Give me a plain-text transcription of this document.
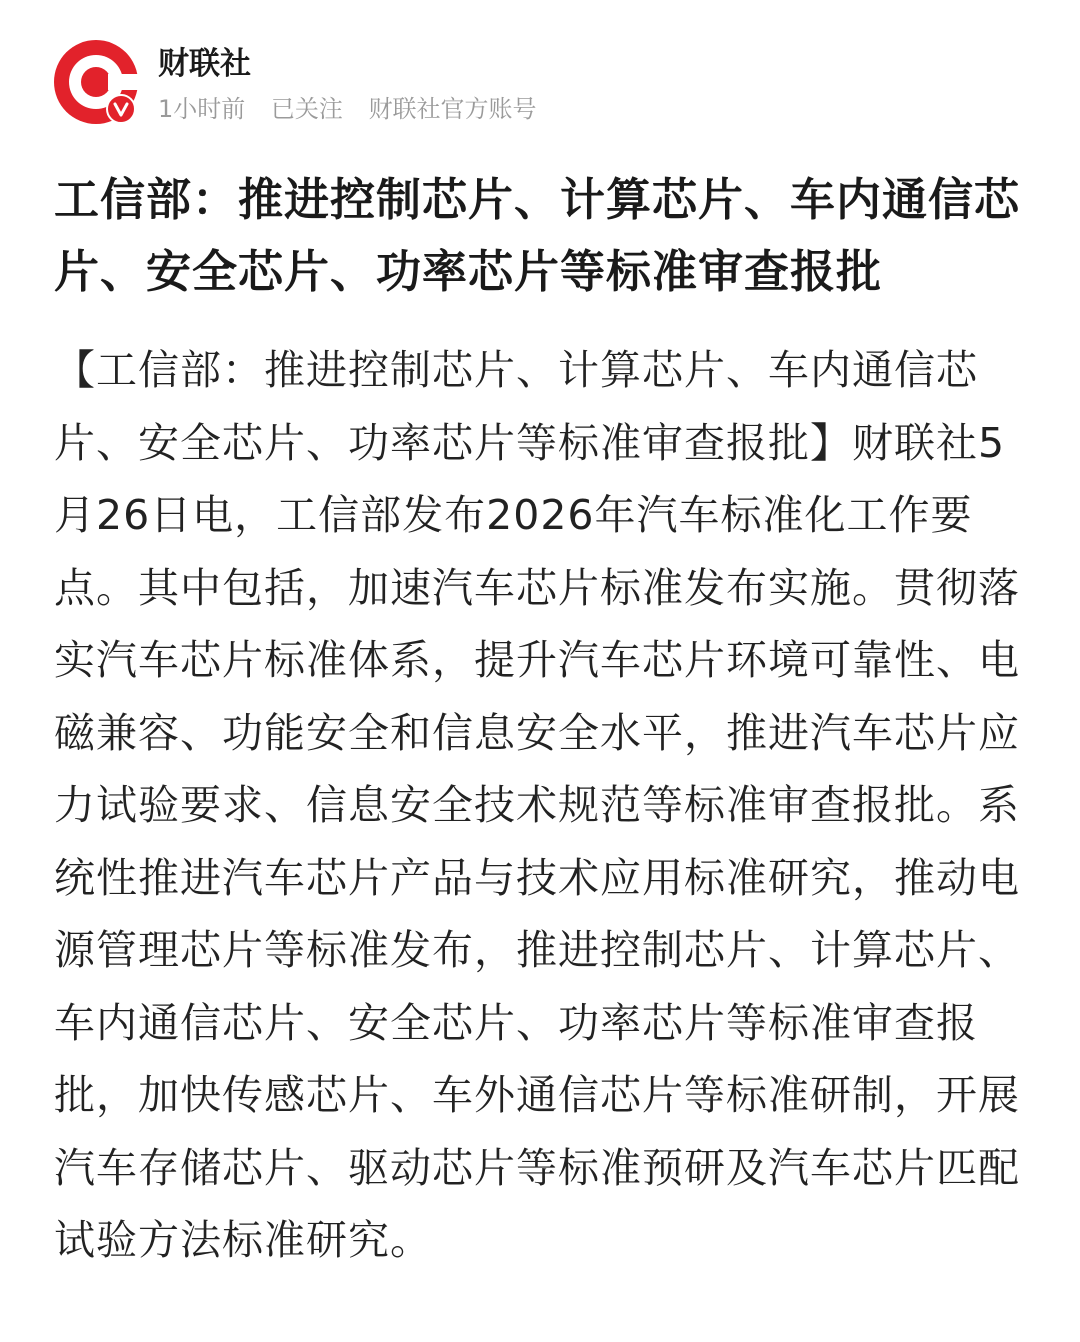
财联社
1小时前 已关注 财联社官方账号
工信部：推进控制芯片、计算芯片、车内通信芯片、安全芯片、功率芯片等标准审查报批

【工信部：推进控制芯片、计算芯片、车内通信芯片、安全芯片、功率芯片等标准审查报批】财联社5月26日电，工信部发布2026年汽车标准化工作要点。其中包括，加速汽车芯片标准发布实施。贯彻落实汽车芯片标准体系，提升汽车芯片环境可靠性、电磁兼容、功能安全和信息安全水平，推进汽车芯片应力试验要求、信息安全技术规范等标准审查报批。系统性推进汽车芯片产品与技术应用标准研究，推动电源管理芯片等标准发布，推进控制芯片、计算芯片、车内通信芯片、安全芯片、功率芯片等标准审查报批，加快传感芯片、车外通信芯片等标准研制，开展汽车存储芯片、驱动芯片等标准预研及汽车芯片匹配试验方法标准研究。
